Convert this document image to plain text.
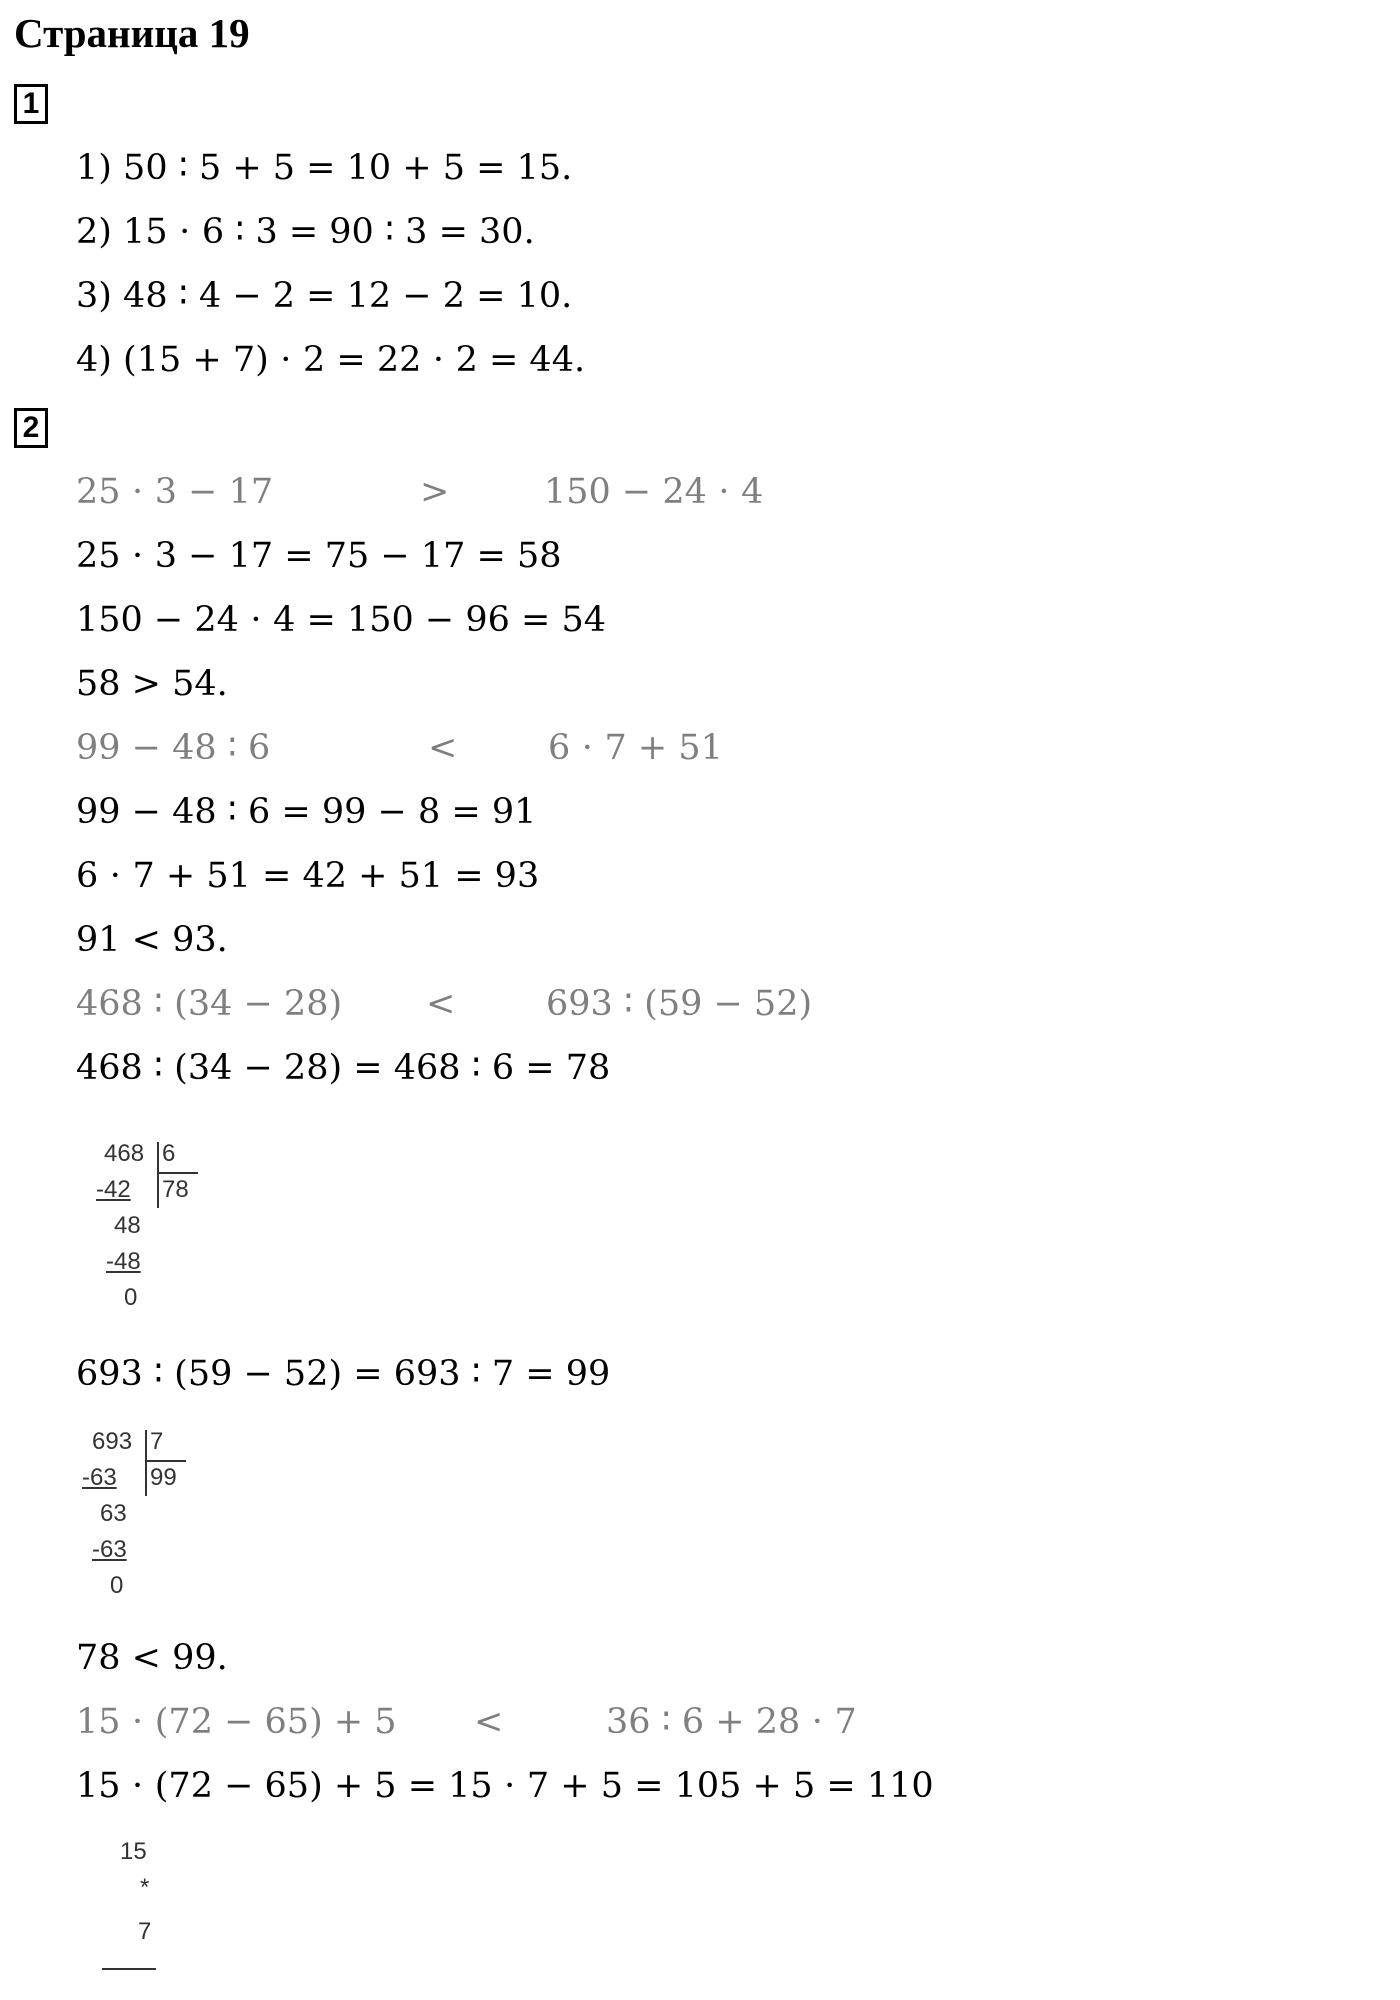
Страница 19
1
1) 50 ∶ 5 + 5 = 10 + 5 = 15.
2) 15 ⋅ 6 ∶ 3 = 90 ∶ 3 = 30.
3) 48 ∶ 4 − 2 = 12 − 2 = 10.
4) (15 + 7) ⋅ 2 = 22 ⋅ 2 = 44.
2
25 ⋅ 3 − 17	>	150 − 24 ⋅ 4
25 ⋅ 3 − 17 = 75 − 17 = 58
150 − 24 ⋅ 4 = 150 − 96 = 54
58 > 54.
99 − 48 ∶ 6	<	6 ⋅ 7 + 51
99 − 48 ∶ 6 = 99 − 8 = 91
6 ⋅ 7 + 51 = 42 + 51 = 93
91 < 93.
468 ∶ (34 − 28) <	693 ∶ (59 − 52)
468 ∶ (34 − 28) = 468 ∶ 6 = 78
468 6
-42 78
48
-48
0
693 ∶ (59 − 52) = 693 ∶ 7 = 99
693 7
-63 99
63
-63
0
78 < 99.
15 ⋅ (72 − 65) + 5 <	36 ∶ 6 + 28 ⋅ 7
15 ⋅ (72 − 65) + 5 = 15 ⋅ 7 + 5 = 105 + 5 = 110
15
*
7
